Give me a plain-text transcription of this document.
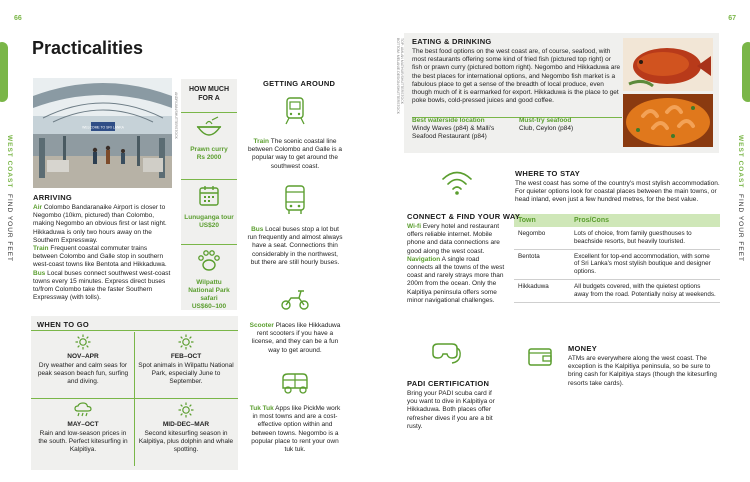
66	67
WEST COAST  FIND YOUR FEET
WEST COAST  FIND YOUR FEET
Practicalities
WELCOME TO SRI LANKA	ANDRIJAN/SHUTTERSTOCK
HOW MUCH FOR A
Prawn curry
Rs 2000
Lunuganga tour
US$20
Wilpattu National Park safari
US$60–100
ARRIVING

Air Colombo Bandaranaike Airport is closer to Negombo (10km, pictured) than Colombo, making Negombo an obvious first or last night. Hikkaduwa is only two hours away on the Southern Expressway.

Train Frequent coastal commuter trains between Colombo and Galle stop in southern west-coast towns like Bentota and Hikkaduwa.

Bus Local buses connect southwest west-coast towns every 15 minutes. Express direct buses to/from Colombo take the faster Southern Expressway (with tolls).

WHEN TO GO
NOV–APR
Dry weather and calm seas for peak season beach fun, surfing and diving.
FEB–OCT
Spot animals in Wilpattu National Park, especially June to September.
MAY–OCT
Rain and low-season prices in the south. Perfect kitesurfing in Kalpitiya.
MID-DEC–MAR
Second kitesurfing season in Kalpitiya, plus dolphin and whale spotting.
GETTING AROUND
Train The scenic coastal line between Colombo and Galle is a popular way to get around the southwest coast.
Bus Local buses stop a lot but run frequently and almost always have a seat. Connections thin considerably in the northwest, but there are still hourly buses.
Scooter Places like Hikkaduwa rent scooters if you have a license, and they can be a fun way to get around.
Tuk Tuk Apps like PickMe work in most towns and are a cost-effective option within and between towns. Negombo is a popular place to rent your own tuk tuk.
TOP: AMLAN MATHUR/SHUTTERSTOCK BOTTOM: MELANIE.DESIGN/SHUTTERSTOCK	EATING & DRINKING
The best food options on the west coast are, of course, seafood, with most restaurants offering some kind of fried fish (pictured top right) or fish or prawn curry (pictured bottom right). Negombo and Hikkaduwa are the best places for international options, and Negombo fish market is a fabulous place to get a sense of the breadth of local produce, even though much of it is earmarked for export. Hikkaduwa is the place to get poke bowls, cold-pressed juices and good coffee.
Best waterside location
Windy Waves (p84) & Malli's Seafood Restaurant (p84)
Must-try seafood
Club, Ceylon (p84)
WHERE TO STAY
The west coast has some of the country's most stylish accommodation. For quieter options look for coastal places between the main towns, or head inland, even just a few hundred metres, for the best value.
Town	Pros/Cons
Negombo	Lots of choice, from family guesthouses to beachside resorts, but heavily touristed.
Bentota	Excellent for top-end accommodation, with some of Sri Lanka's most stylish boutique and designer options.
Hikkaduwa	All budgets covered, with the quietest options away from the road. Potentially noisy at weekends.
CONNECT & FIND YOUR WAY

Wi-fi Every hotel and restaurant offers reliable internet. Mobile phone and data connections are good along the west coast.

Navigation A single road connects all the towns of the west coast and rarely strays more than 200m from the ocean. Only the Kalpitiya peninsula offers some minor navigational challenges.

PADI CERTIFICATION
Bring your PADI scuba card if you want to dive in Kalpitiya or Hikkaduwa. Both places offer refresher dives if you are a bit rusty.
MONEY
ATMs are everywhere along the west coast. The exception is the Kalpitiya peninsula, so be sure to bring cash for Kalpitiya stays (though the kitesurfing resorts take cards).
